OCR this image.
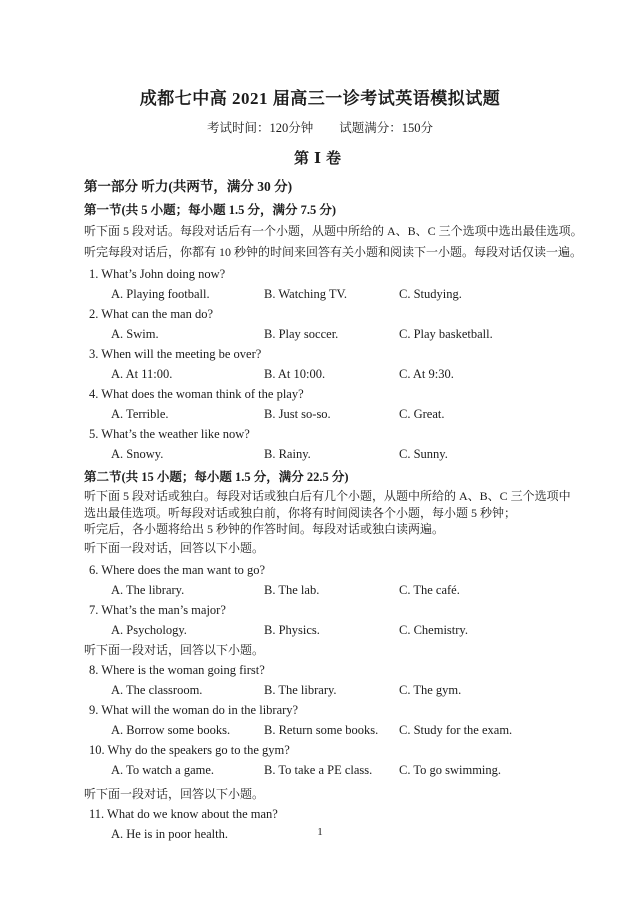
成都七中高 2021 届高三一诊考试英语模拟试题
考试时间：120分钟 试题满分：150分
第Ⅰ卷
第一部分 听力(共两节，满分 30 分)
第一节(共 5 小题；每小题 1.5 分，满分 7.5 分)
听下面 5 段对话。每段对话后有一个小题，从题中所给的 A、B、C 三个选项中选出最佳选项。
听完每段对话后，你都有 10 秒钟的时间来回答有关小题和阅读下一小题。每段对话仅读一遍。
1. What’s John doing now?
A. Playing football.	B. Watching TV.	C. Studying.
2. What can the man do?
A. Swim.	B. Play soccer.	C. Play basketball.
3. When will the meeting be over?
A. At 11:00.	B. At 10:00.	C. At 9:30.
4. What does the woman think of the play?
A. Terrible.	B. Just so-so.	C. Great.
5. What’s the weather like now?
A. Snowy.	B. Rainy.	C. Sunny.
第二节(共 15 小题；每小题 1.5 分，满分 22.5 分)
听下面 5 段对话或独白。每段对话或独白后有几个小题，从题中所给的 A、B、C 三个选项中
选出最佳选项。听每段对话或独白前，你将有时间阅读各个小题，每小题 5 秒钟；
听完后，各小题将给出 5 秒钟的作答时间。每段对话或独白读两遍。
听下面一段对话，回答以下小题。
6. Where does the man want to go?
A. The library.	B. The lab.	C. The café.
7. What’s the man’s major?
A. Psychology.	B. Physics.	C. Chemistry.
听下面一段对话，回答以下小题。
8. Where is the woman going first?
A. The classroom.	B. The library.	C. The gym.
9. What will the woman do in the library?
A. Borrow some books.	B. Return some books.	C. Study for the exam.
10. Why do the speakers go to the gym?
A. To watch a game.	B. To take a PE class.	C. To go swimming.
听下面一段对话，回答以下小题。
11. What do we know about the man?
A. He is in poor health.	1
